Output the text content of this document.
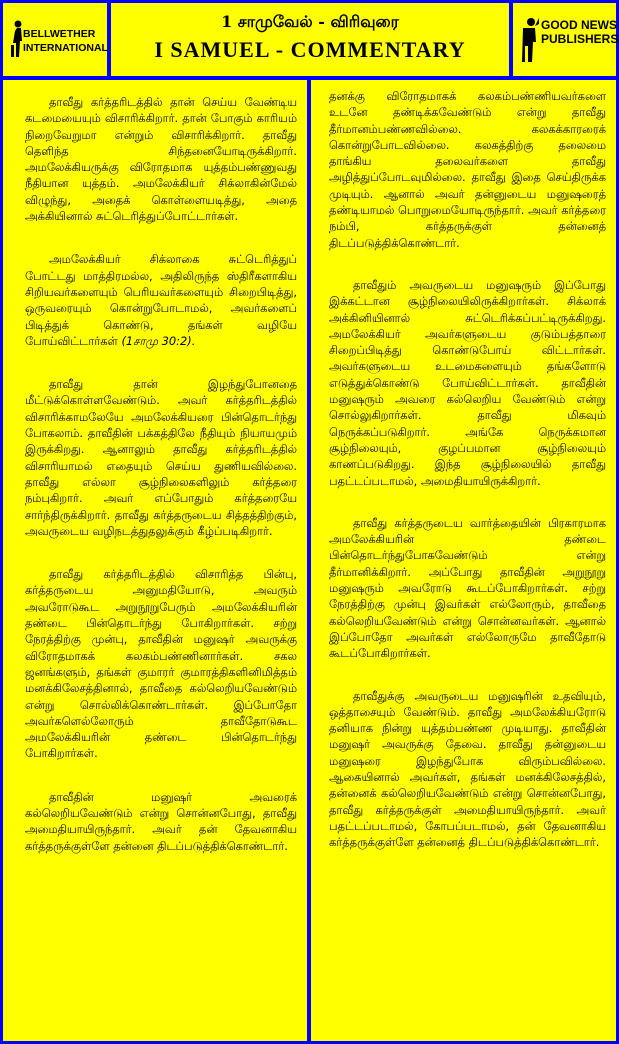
BELLWETHER
INTERNATIONAL
1 சாமுவேல் - விரிவுரை
I SAMUEL - COMMENTARY
GOOD NEWS
PUBLISHERS

தாவீது கர்த்தரிடத்தில் தான் செய்ய வேண்டிய கடமையையும் விசாரிக்கிறார். தான் போகும் காரியம் நிறைவேறுமா என்றும் விசாரிக்கிறார். தாவீது தெளிந்த சிந்தனையோடிருக்கிறார். அமலேக்கியருக்கு விரோதமாக யுத்தம்பண்ணுவது நீதியான யுத்தம். அமலேக்கியர் சிக்லாகின்மேல் விழுந்து, அதைக் கொள்ளையடித்து, அதை அக்கியினால் சுட்டெரித்துப்போட்டார்கள்.

அமலேக்கியர் சிக்லாகை சுட்டெரித்துப் போட்டது மாத்திரமல்ல, அதிலிருந்த ஸ்திரீகளாகிய சிறியவர்களையும் பெரியவர்களையும் சிறைபிடித்து, ஒருவரையும் கொன்றுபோடாமல், அவர்களைப் பிடித்துக் கொண்டு, தங்கள் வழியே போய்விட்டார்கள் (1சாமு 30:2).

தாவீது தான் இழந்துபோனதை மீட்டுக்கொள்ளவேண்டும். அவர் கர்த்தரிடத்தில் விசாரிக்காமலேயே அமலேக்கியரை பின்தொடர்ந்து போகலாம். தாவீதின் பக்கத்திலே நீதியும் நியாயமும் இருக்கிறது. ஆனாலும் தாவீது கர்த்தரிடத்தில் விசாரியாமல் எதையும் செய்ய துணியவில்லை. தாவீது எல்லா சூழ்நிலைகளிலும் கர்த்தரை நம்புகிறார். அவர் எப்போதும் கர்த்தரையே சார்ந்திருக்கிறார். தாவீது கர்த்தருடைய சித்தத்திற்கும், அவருடைய வழிநடத்துதலுக்கும் கீழ்ப்படிகிறார்.

தாவீது கர்த்தரிடத்தில் விசாரித்த பின்பு, கர்த்தருடைய அனுமதியோடு, அவரும் அவரோடுகூட அறுநூறுபேரும் அமலேக்கியரின் தண்டை பின்தொடர்ந்து போகிறார்கள். சற்று நேரத்திற்கு முன்பு, தாவீதின் மனுஷர் அவருக்கு விரோதமாகக் கலகம்பண்ணினார்கள். சகல ஜனங்களும், தங்கள் குமாரர் குமாரத்திகளினிமித்தம் மனக்கிலேசத்தினால், தாவீதை கல்லெறியவேண்டும் என்று சொல்லிக்கொண்டார்கள். இப்போதோ அவர்களெல்லோரும் தாவீதோடுகூட அமலேக்கியரின் தண்டை பின்தொடர்ந்து போகிறார்கள்.

தாவீதின் மனுஷர் அவரைக் கல்லெறியவேண்டும் என்று சொன்னபோது, தாவீது அமைதியாயிருந்தார். அவர் தன் தேவனாகிய கர்த்தருக்குள்ளே தன்னை திடப்படுத்திக்கொண்டார்.

தனக்கு விரோதமாகக் கலகம்பண்ணியவர்களை உடனே தண்டிக்கவேண்டும் என்று தாவீது தீர்மானம்பண்ணவில்லை. கலகக்காரரைக் கொன்றுபோடவில்லை. கலகத்திற்கு தலைமை தாங்கிய தலைவர்களை தாவீது அழித்துப்போடவுமில்லை. தாவீது இதை செய்திருக்க முடியும். ஆனால் அவர் தன்னுடைய மனுஷரைத் தண்டியாமல் பொறுமையோடிருந்தார். அவர் கர்த்தரை நம்பி, கர்த்தருக்குள் தன்னைத் திடப்படுத்திக்கொண்டார்.

தாவீதும் அவருடைய மனுஷரும் இப்போது இக்கட்டான சூழ்நிலையிலிருக்கிறார்கள். சிக்லாக் அக்கினியினால் சுட்டெரிக்கப்பட்டிருக்கிறது. அமலேக்கியர் அவர்களுடைய குடும்பத்தாரை சிறைப்பிடித்து கொண்டுபோய் விட்டார்கள். அவர்களுடைய உடமைகளையும் தங்களோடு எடுத்துக்கொண்டு போய்விட்டார்கள். தாவீதின் மனுஷரும் அவரை கல்லெறிய வேண்டும் என்று சொல்லுகிறார்கள். தாவீது மிகவும் நெருக்கப்படுகிறார். அங்கே நெருக்கமான சூழ்நிலையும், குழப்பமான சூழ்நிலையும் காணப்படுகிறது. இந்த சூழ்நிலையில் தாவீது பதட்டப்படாமல், அமைதியாயிருக்கிறார்.

தாவீது கர்த்தருடைய வார்த்தையின் பிரகாரமாக அமலேக்கியரின் தண்டை பின்தொடர்ந்துபோகவேண்டும் என்று தீர்மானிக்கிறார். அப்போது தாவீதின் அறுநூறு மனுஷரும் அவரோடு கூடப்போகிறார்கள். சற்று நேரத்திற்கு முன்பு இவர்கள் எல்லோரும், தாவீதை கல்லெறியவேண்டும் என்று சொன்னவர்கள். ஆனால் இப்போதோ அவர்கள் எல்லோருமே தாவீதோடு கூடப்போகிறார்கள்.

தாவீதுக்கு அவருடைய மனுஷரின் உதவியும், ஒத்தாசையும் வேண்டும். தாவீது அமலேக்கியரோடு தனியாக நின்று யுத்தம்பண்ண முடியாது. தாவீதின் மனுஷர் அவருக்கு தேவை. தாவீது தன்னுடைய மனுஷரை இழந்துபோக விரும்பவில்லை. ஆகையினால் அவர்கள், தங்கள் மனக்கிலேசத்தில், தன்னைக் கல்லெறியவேண்டும் என்று சொன்னபோது, தாவீது கர்த்தருக்குள் அமைதியாயிருந்தார். அவர் பதட்டப்படாமல், கோபப்படாமல், தன் தேவனாகிய கர்த்தருக்குள்ளே தன்னைத் திடப்படுத்திக்கொண்டார்.
